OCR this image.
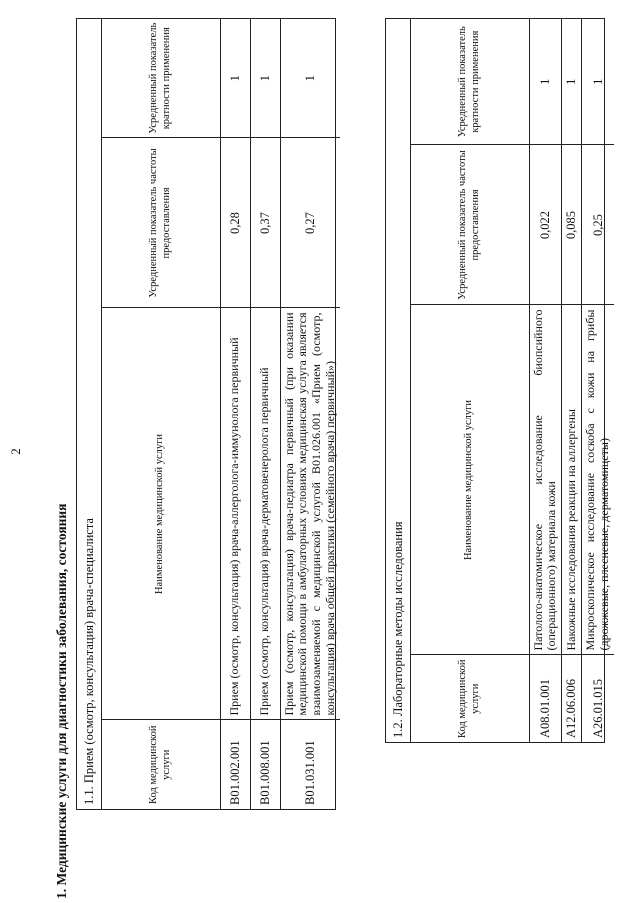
2
1. Медицинские услуги для диагностики заболевания, состояния	1.1. Прием (осмотр, консультация) врача-специалиста	Код медицинской услуги	Наименование медицинской услуги	Усредненный показатель частоты предоставления	Усредненный показатель кратности применения
B01.002.001	Прием (осмотр, консультация) врача-аллерголога-иммунолога первичный	0,28	1
B01.008.001	Прием (осмотр, консультация) врача-дерматовенеролога первичный	0,37	1
B01.031.001	Прием (осмотр, консультация) врача-педиатра первичный (при оказании медицинской помощи в амбулаторных условиях медицинская услуга является взаимозаменяемой с медицинской услугой B01.026.001 «Прием (осмотр, консультация) врача общей практики (семейного врача) первичный»)	0,27	1
1.2. Лабораторные методы исследования	Код медицинской услуги	Наименование медицинской услуги	Усредненный показатель частоты предоставления	Усредненный показатель кратности применения
A08.01.001	Патолого-анатомическое исследование биопсийного (операционного) материала кожи	0,022	1
A12.06.006	Накожные исследования реакции на аллергены	0,085	1
A26.01.015	Микроскопическое исследование соскоба с кожи на грибы (дрожжевые, плесневые, дерматомицеты)	0,25	1
